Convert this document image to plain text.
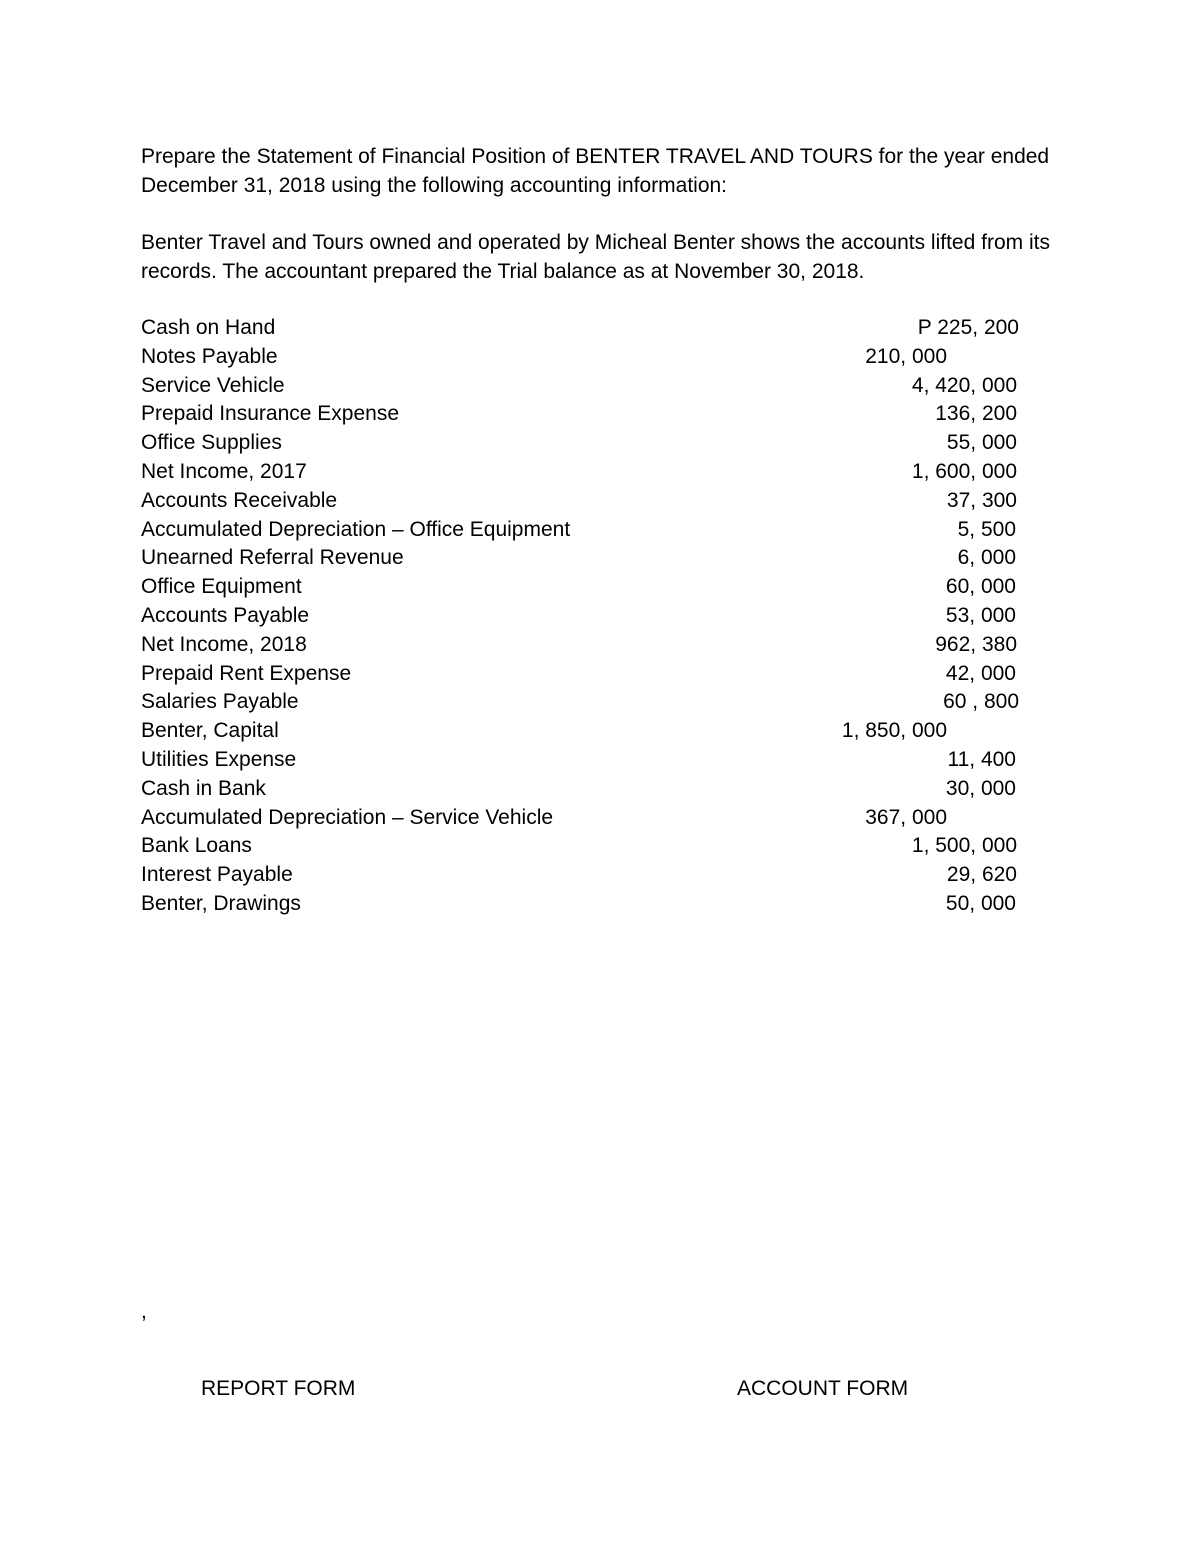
Prepare the Statement of Financial Position of BENTER TRAVEL AND TOURS for the year ended December 31, 2018 using the following accounting information:

Benter Travel and Tours owned and operated by Micheal Benter shows the accounts lifted from its records. The accountant prepared the Trial balance as at November 30, 2018.

Cash on Hand	P 225, 200
Notes Payable	210, 000
Service Vehicle	4, 420, 000
Prepaid Insurance Expense	136, 200
Office Supplies	55, 000
Net Income, 2017	1, 600, 000
Accounts Receivable	37, 300
Accumulated Depreciation – Office Equipment	5, 500
Unearned Referral Revenue	6, 000
Office Equipment	60, 000
Accounts Payable	53, 000
Net Income, 2018	962, 380
Prepaid Rent Expense	42, 000
Salaries Payable	60 , 800
Benter, Capital	1, 850, 000
Utilities Expense	11, 400
Cash in Bank	30, 000
Accumulated Depreciation – Service Vehicle	367, 000
Bank Loans	1, 500, 000
Interest Payable	29, 620
Benter, Drawings	50, 000
,
REPORT FORM	ACCOUNT FORM
